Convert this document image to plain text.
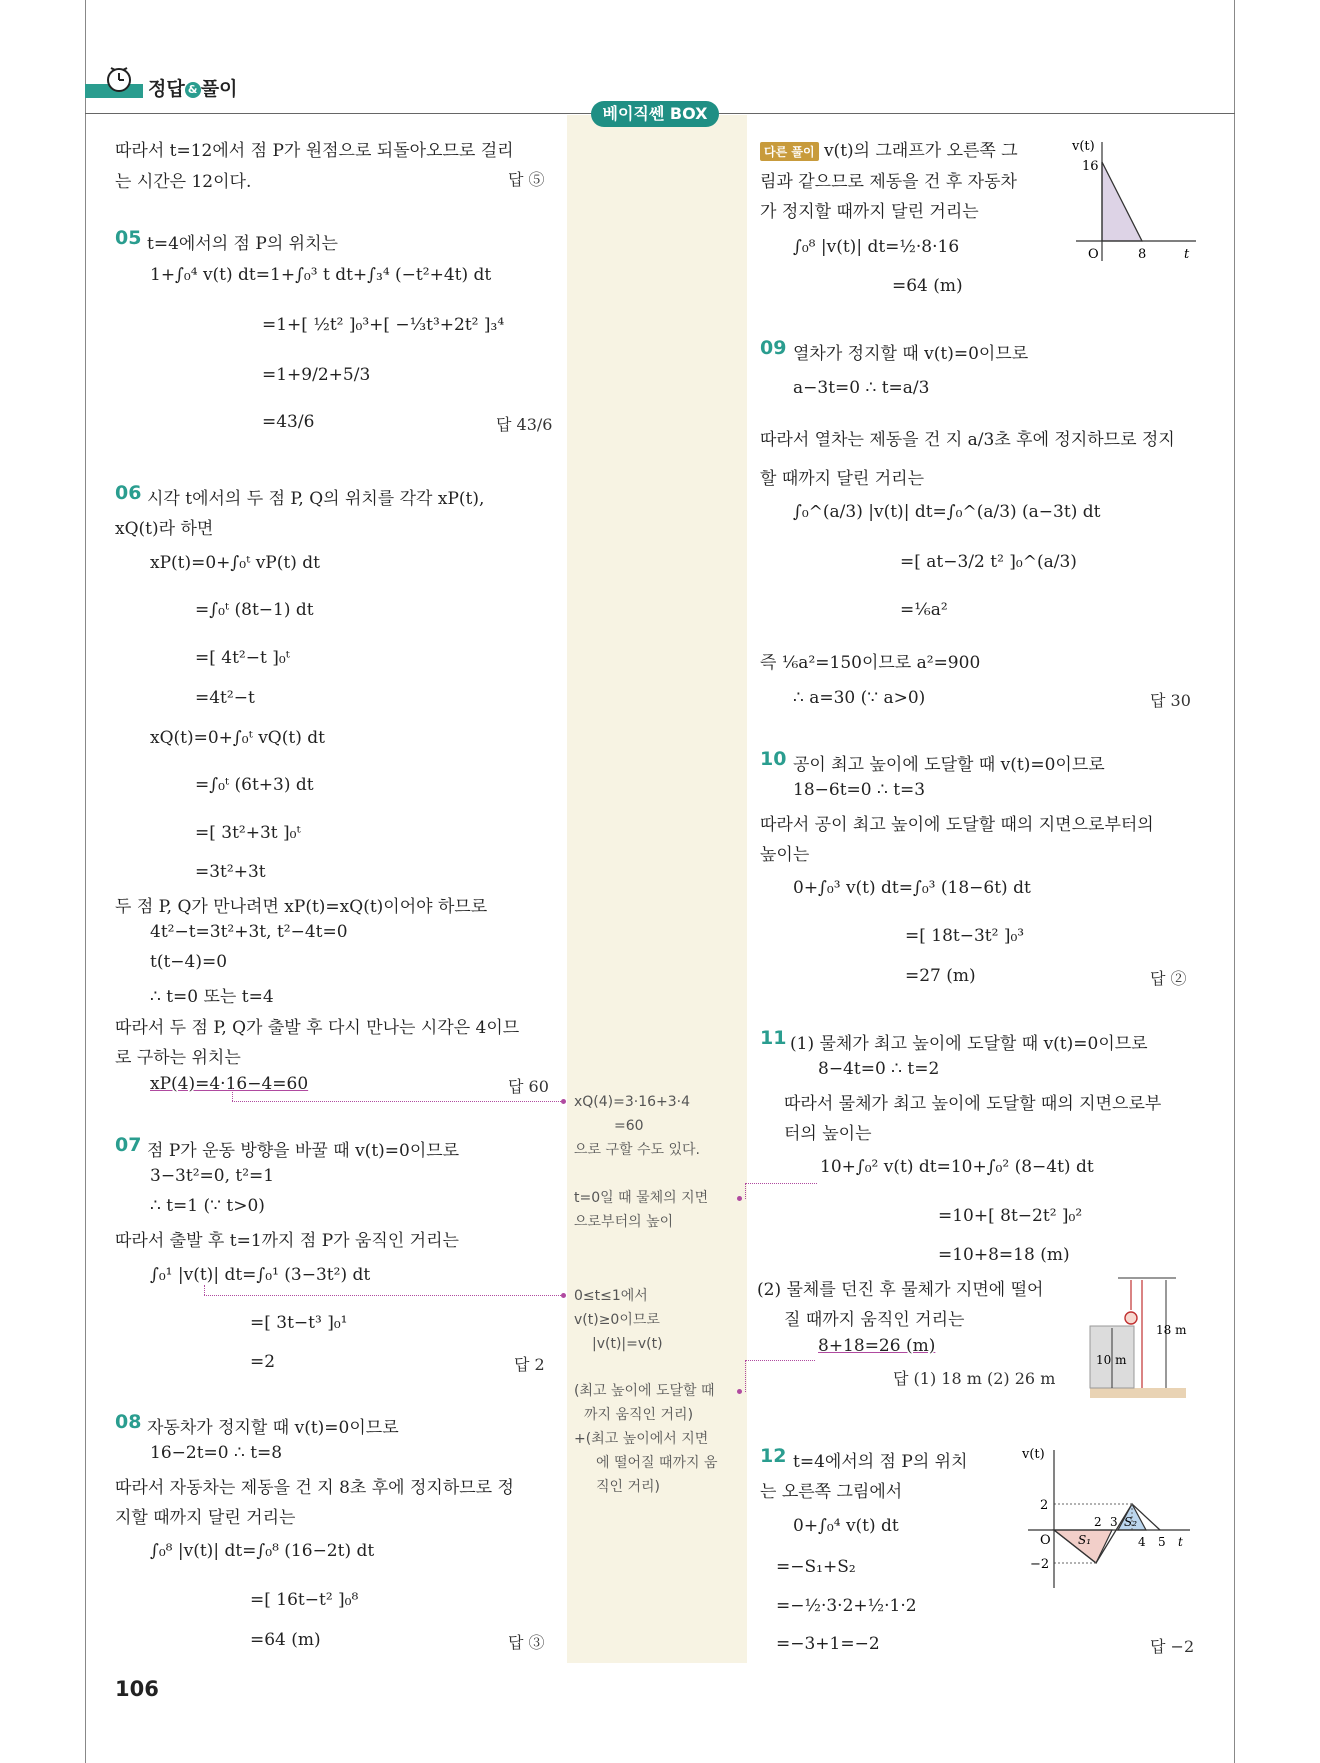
정답 & 풀이
베이직쎈 BOX
따라서 t=12에서 점 P가 원점으로 되돌아오므로 걸리
는 시간은 12이다.	답 ⑤
05 t=4에서의 점 P의 위치는
1+∫₀⁴ v(t) dt=1+∫₀³ t dt+∫₃⁴ (−t²+4t) dt
=1+[ ½t² ]₀³+[ −⅓t³+2t² ]₃⁴
=1+9/2+5/3
=43/6	답 43/6
06 시각 t에서의 두 점 P, Q의 위치를 각각 xP(t),
xQ(t)라 하면
xP(t)=0+∫₀ᵗ vP(t) dt
=∫₀ᵗ (8t−1) dt
=[ 4t²−t ]₀ᵗ
=4t²−t
xQ(t)=0+∫₀ᵗ vQ(t) dt
=∫₀ᵗ (6t+3) dt
=[ 3t²+3t ]₀ᵗ
=3t²+3t
두 점 P, Q가 만나려면 xP(t)=xQ(t)이어야 하므로
4t²−t=3t²+3t, t²−4t=0
t(t−4)=0
∴ t=0 또는 t=4
따라서 두 점 P, Q가 출발 후 다시 만나는 시각은 4이므
로 구하는 위치는
xP(4)=4·16−4=60	답 60
07 점 P가 운동 방향을 바꿀 때 v(t)=0이므로
3−3t²=0, t²=1
∴ t=1 (∵ t>0)
따라서 출발 후 t=1까지 점 P가 움직인 거리는
∫₀¹ |v(t)| dt=∫₀¹ (3−3t²) dt
=[ 3t−t³ ]₀¹
=2	답 2
08 자동차가 정지할 때 v(t)=0이므로
16−2t=0 ∴ t=8
따라서 자동차는 제동을 건 지 8초 후에 정지하므로 정
지할 때까지 달린 거리는
∫₀⁸ |v(t)| dt=∫₀⁸ (16−2t) dt
=[ 16t−t² ]₀⁸
=64 (m)	답 ③
106
xQ(4)=3·16+3·4
=60
으로 구할 수도 있다.
t=0일 때 물체의 지면
으로부터의 높이
0≤t≤1에서
v(t)≥0이므로
|v(t)|=v(t)
(최고 높이에 도달할 때
까지 움직인 거리)
+(최고 높이에서 지면
에 떨어질 때까지 움
직인 거리)
다른 풀이 v(t)의 그래프가 오른쪽 그
림과 같으므로 제동을 건 후 자동차
가 정지할 때까지 달린 거리는
∫₀⁸ |v(t)| dt=½·8·16
=64 (m)
v(t)
16
O	8	t
09 열차가 정지할 때 v(t)=0이므로
a−3t=0 ∴ t=a/3
따라서 열차는 제동을 건 지 a/3초 후에 정지하므로 정지
할 때까지 달린 거리는
∫₀^(a/3) |v(t)| dt=∫₀^(a/3) (a−3t) dt
=[ at−3/2 t² ]₀^(a/3)
=⅙a²
즉 ⅙a²=150이므로 a²=900
∴ a=30 (∵ a>0)	답 30
10 공이 최고 높이에 도달할 때 v(t)=0이므로
18−6t=0 ∴ t=3
따라서 공이 최고 높이에 도달할 때의 지면으로부터의
높이는
0+∫₀³ v(t) dt=∫₀³ (18−6t) dt
=[ 18t−3t² ]₀³
=27 (m)	답 ②
11 (1) 물체가 최고 높이에 도달할 때 v(t)=0이므로
8−4t=0 ∴ t=2
따라서 물체가 최고 높이에 도달할 때의 지면으로부
터의 높이는
10+∫₀² v(t) dt=10+∫₀² (8−4t) dt
=10+[ 8t−2t² ]₀²
=10+8=18 (m)
(2) 물체를 던진 후 물체가 지면에 떨어
질 때까지 움직인 거리는
8+18=26 (m)
답 (1) 18 m (2) 26 m
10 m
18 m
12 t=4에서의 점 P의 위치
는 오른쪽 그림에서
0+∫₀⁴ v(t) dt
=−S₁+S₂
=−½·3·2+½·1·2
=−3+1=−2	답 −2
v(t)
2
−2
O
2 3
4 5 t
S₁
S₂
